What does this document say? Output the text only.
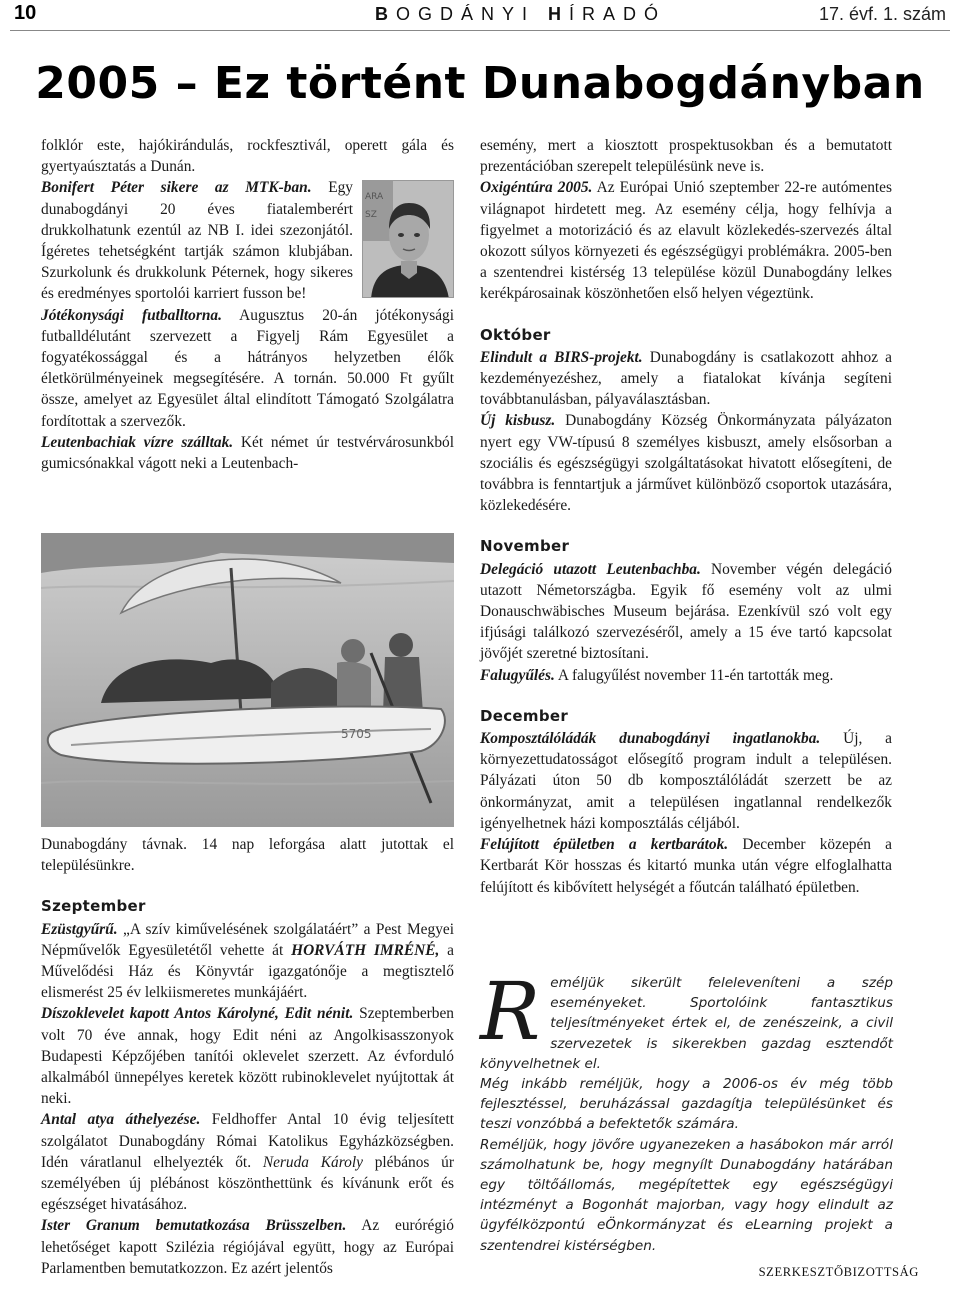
10	BOGDÁNYI HÍRADÓ	17. évf. 1. szám
2005 – Ez történt Dunabogdányban

folklór este, hajókirándulás, rockfesztivál, operett gála és gyertyaúsztatás a Dunán.

Bonifert Péter sikere az MTK-ban. Egy dunabogdányi 20 éves fiatalemberért drukkolhatunk ezentúl az NB I. idei szezonjától. Ígéretes tehetségként tartják számon klubjában. Szurkolunk és drukkolunk Péternek, hogy sikeres és eredményes sportolói karriert fusson be!

Jótékonysági futballtorna. Augusztus 20-án jótékonysági futballdélutánt szervezett a Figyelj Rám Egyesület a fogyatékossággal és a hátrányos helyzetben élők életkörülményeinek megsegítésére. A tornán. 50.000 Ft gyűlt össze, amelyet az Egyesület által elindított Támogató Szolgálatra fordítottak a szervezők.

Leutenbachiak vízre szálltak. Két német úr testvérvárosunkból gumicsónakkal vágott neki a Leutenbach-

ARA
SZ
5705

Dunabogdány távnak. 14 nap leforgása alatt jutottak el településünkre.

Szeptember

Ezüstgyűrű. „A szív kiművelésének szolgálatáért” a Pest Megyei Népművelők Egyesületétől vehette át HORVÁTH IMRÉNÉ, a Művelődési Ház és Könyvtár igazgatónője a megtisztelő elismerést 25 év lelkiismeretes munkájáért.

Díszoklevelet kapott Antos Károlyné, Edit nénit. Szeptemberben volt 70 éve annak, hogy Edit néni az Angolkisasszonyok Budapesti Képzőjében tanítói oklevelet szerzett. Az évforduló alkalmából ünnepélyes keretek között rubinoklevelet nyújtottak át neki.

Antal atya áthelyezése. Feldhoffer Antal 10 évig teljesített szolgálatot Dunabogdány Római Katolikus Egyházközségben. Idén váratlanul elhelyezték őt. Neruda Károly plébános úr személyében új plébánost köszönthettünk és kívánunk erőt és egészséget hivatásához.

Ister Granum bemutatkozása Brüsszelben. Az eurórégió lehetőséget kapott Szilézia régiójával együtt, hogy az Európai Parlamentben bemutatkozzon. Ez azért jelentős

esemény, mert a kiosztott prospektusokban és a bemutatott prezentációban szerepelt településünk neve is.

Oxigéntúra 2005. Az Európai Unió szeptember 22-re autómentes világnapot hirdetett meg. Az esemény célja, hogy felhívja a figyelmet a motorizáció és az elavult közlekedés-szervezés által okozott súlyos környezeti és egészségügyi problémákra. 2005-ben a szentendrei kistérség 13 települése közül Dunabogdány lelkes kerékpárosainak köszönhetően első helyen végeztünk.

Október

Elindult a BIRS-projekt. Dunabogdány is csatlakozott ahhoz a kezdeményezéshez, amely a fiatalokat kívánja segíteni továbbtanulásban, pályaválasztásban.

Új kisbusz. Dunabogdány Község Önkormányzata pályázaton nyert egy VW-típusú 8 személyes kisbuszt, amely elsősorban a szociális és egészségügyi szolgáltatásokat hivatott elősegíteni, de továbbra is fenntartjuk a járművet különböző csoportok utazására, közlekedésére.

November

Delegáció utazott Leutenbachba. November végén delegáció utazott Németországba. Egyik fő esemény volt az ulmi Donauschwäbisches Museum bejárása. Ezenkívül szó volt egy ifjúsági találkozó szervezéséről, amely a 15 éve tartó kapcsolat jövőjét szeretné biztosítani.

Falugyűlés. A falugyűlést november 11-én tartották meg.

December

Komposztálóládák dunabogdányi ingatlanokba. Új, a környezettudatosságot elősegítő program indult a településen. Pályázati úton 50 db komposztálóládát szerzett be az önkormányzat, amit a településen ingatlannal rendelkezők igényelhetnek házi komposztálás céljából.

Felújított épületben a kertbarátok. December közepén a Kertbarát Kör hosszas és kitartó munka után végre elfoglalhatta felújított és kibővített helységét a főutcán található épületben.

Reméljük sikerült feleleveníteni a szép eseményeket. Sportolóink fantasztikus teljesítményeket értek el, de zenészeink, a civil szervezetek is sikerekben gazdag esztendőt könyvelhetnek el.

Még inkább reméljük, hogy a 2006-os év még több fejlesztéssel, beruházással gazdagítja településünket és teszi vonzóbbá a befektetők számára.

Reméljük, hogy jövőre ugyanezeken a hasábokon már arról számolhatunk be, hogy megnyílt Dunabogdány határában egy töltőállomás, megépítettek egy egészségügyi intézményt a Bogonhát majorban, vagy hogy elindult az ügyfélközpontú eÖnkormányzat és eLearning projekt a szentendrei kistérségben.

SZERKESZTŐBIZOTTSÁG
